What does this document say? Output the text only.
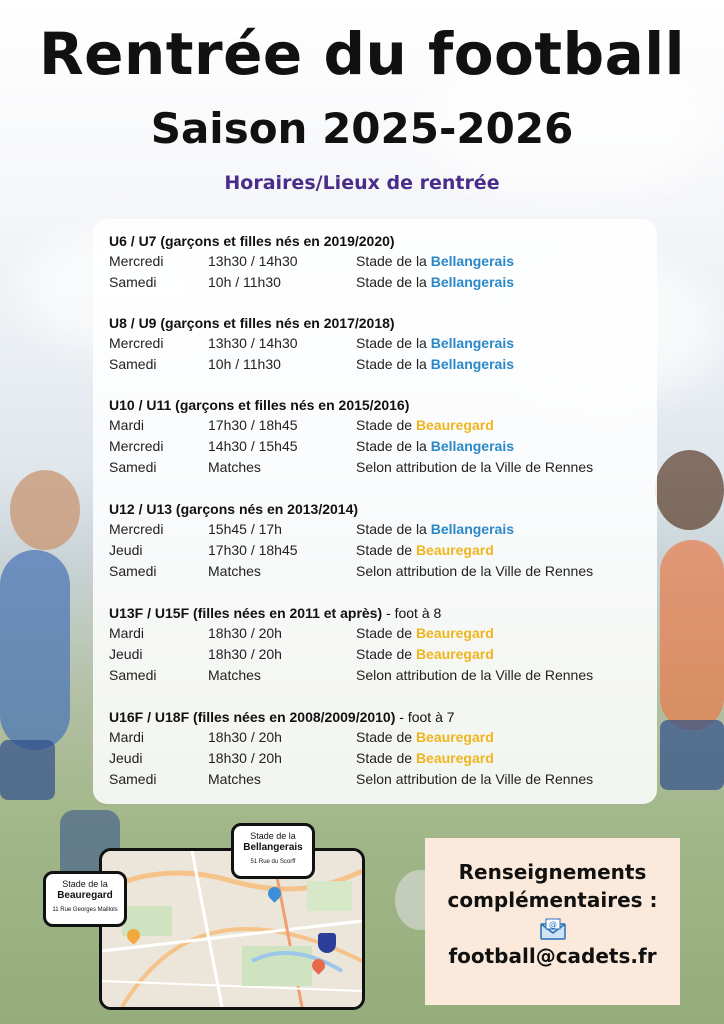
Rentrée du football
Saison 2025-2026
Horaires/Lieux de rentrée
U6 / U7 (garçons et filles nés en 2019/2020)
Mercredi	13h30 / 14h30	Stade de la Bellangerais
Samedi	10h / 11h30	Stade de la Bellangerais
U8 / U9 (garçons et filles nés en 2017/2018)
Mercredi	13h30 / 14h30	Stade de la Bellangerais
Samedi	10h / 11h30	Stade de la Bellangerais
U10 / U11 (garçons et filles nés en 2015/2016)
Mardi	17h30 / 18h45	Stade de Beauregard
Mercredi	14h30 / 15h45	Stade de la Bellangerais
Samedi	Matches	Selon attribution de la Ville de Rennes
U12 / U13 (garçons nés en 2013/2014)
Mercredi	15h45 / 17h	Stade de la Bellangerais
Jeudi	17h30 / 18h45	Stade de Beauregard
Samedi	Matches	Selon attribution de la Ville de Rennes
U13F / U15F (filles nées en 2011 et après) - foot à 8
Mardi	18h30 / 20h	Stade de Beauregard
Jeudi	18h30 / 20h	Stade de Beauregard
Samedi	Matches	Selon attribution de la Ville de Rennes
U16F / U18F (filles nées en 2008/2009/2010) - foot à 7
Mardi	18h30 / 20h	Stade de Beauregard
Jeudi	18h30 / 20h	Stade de Beauregard
Samedi	Matches	Selon attribution de la Ville de Rennes
Stade de la
Beauregard
11 Rue Georges Maillols
Stade de la
Bellangerais
51 Rue du Scorff	Renseignements
complémentaires :
@
football@cadets.fr
